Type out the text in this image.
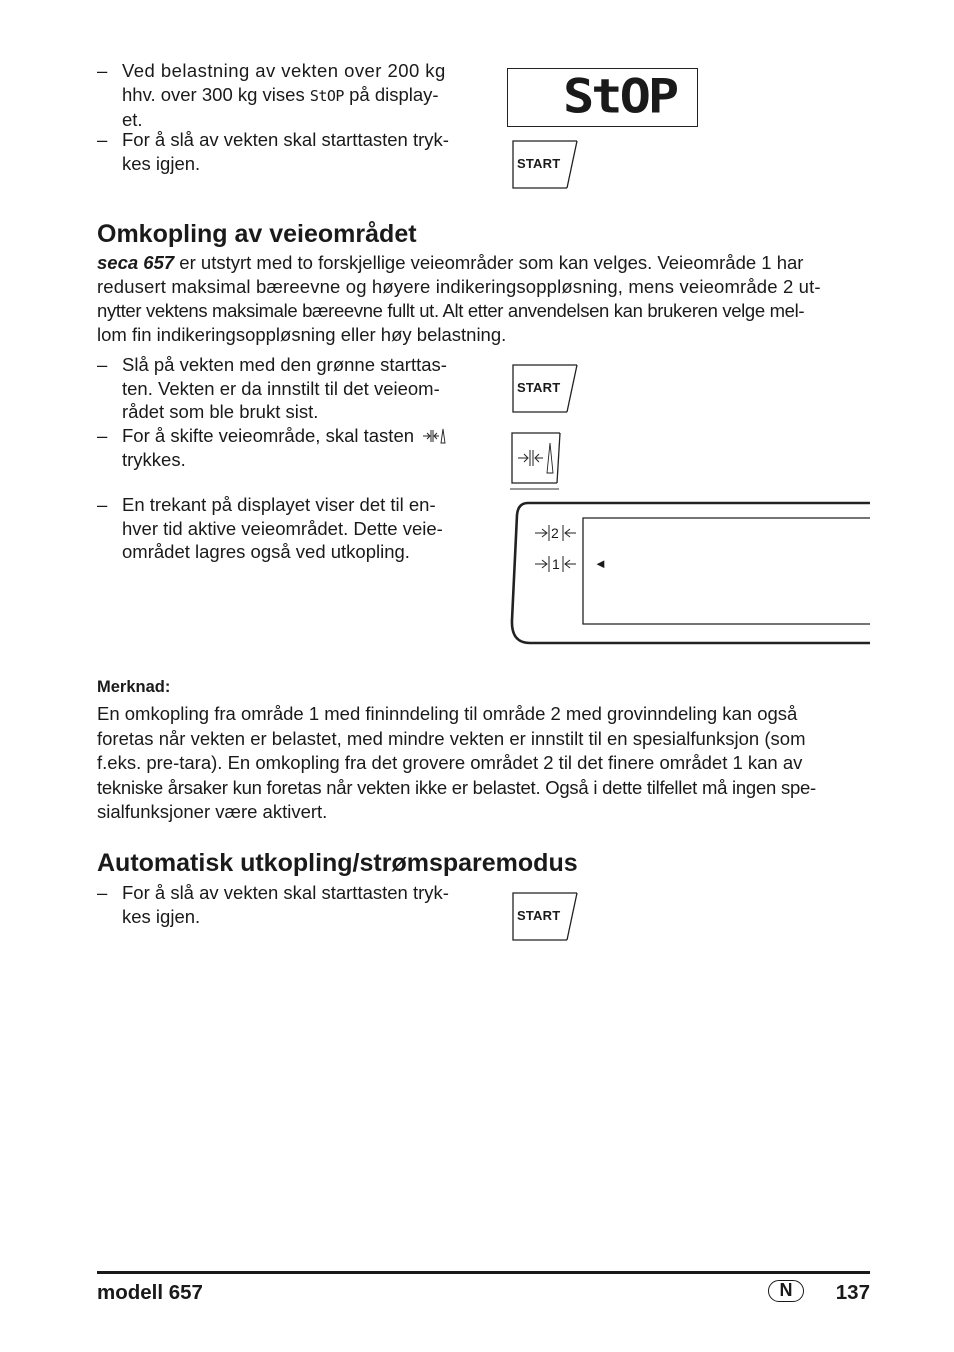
– Ved belastning av vekten over 200 kg
hhv. over 300 kg vises StOP på display-
et.
– For å slå av vekten skal starttasten tryk-
kes igjen.
StOP
START
Omkopling av veieområdet
seca 657 er utstyrt med to forskjellige veieområder som kan velges. Veieområde 1 har
redusert maksimal bæreevne og høyere indikeringsoppløsning, mens veieområde 2 ut-
nytter vektens maksimale bæreevne fullt ut. Alt etter anvendelsen kan brukeren velge mel-
lom fin indikeringsoppløsning eller høy belastning.
– Slå på vekten med den grønne starttas-
ten. Vekten er da innstilt til det veieom-
rådet som ble brukt sist.
– For å skifte veieområde, skal tasten
trykkes.
– En trekant på displayet viser det til en-
hver tid aktive veieområdet. Dette veie-
området lagres også ved utkopling.
START
2
1	◄
Merknad:
En omkopling fra område 1 med fininndeling til område 2 med grovinndeling kan også
foretas når vekten er belastet, med mindre vekten er innstilt til en spesialfunksjon (som
f.eks. pre-tara). En omkopling fra det grovere området 2 til det finere området 1 kan av
tekniske årsaker kun foretas når vekten ikke er belastet. Også i dette tilfellet må ingen spe-
sialfunksjoner være aktivert.
Automatisk utkopling/strømsparemodus
– For å slå av vekten skal starttasten tryk-
kes igjen.	START
modell 657	N	137
